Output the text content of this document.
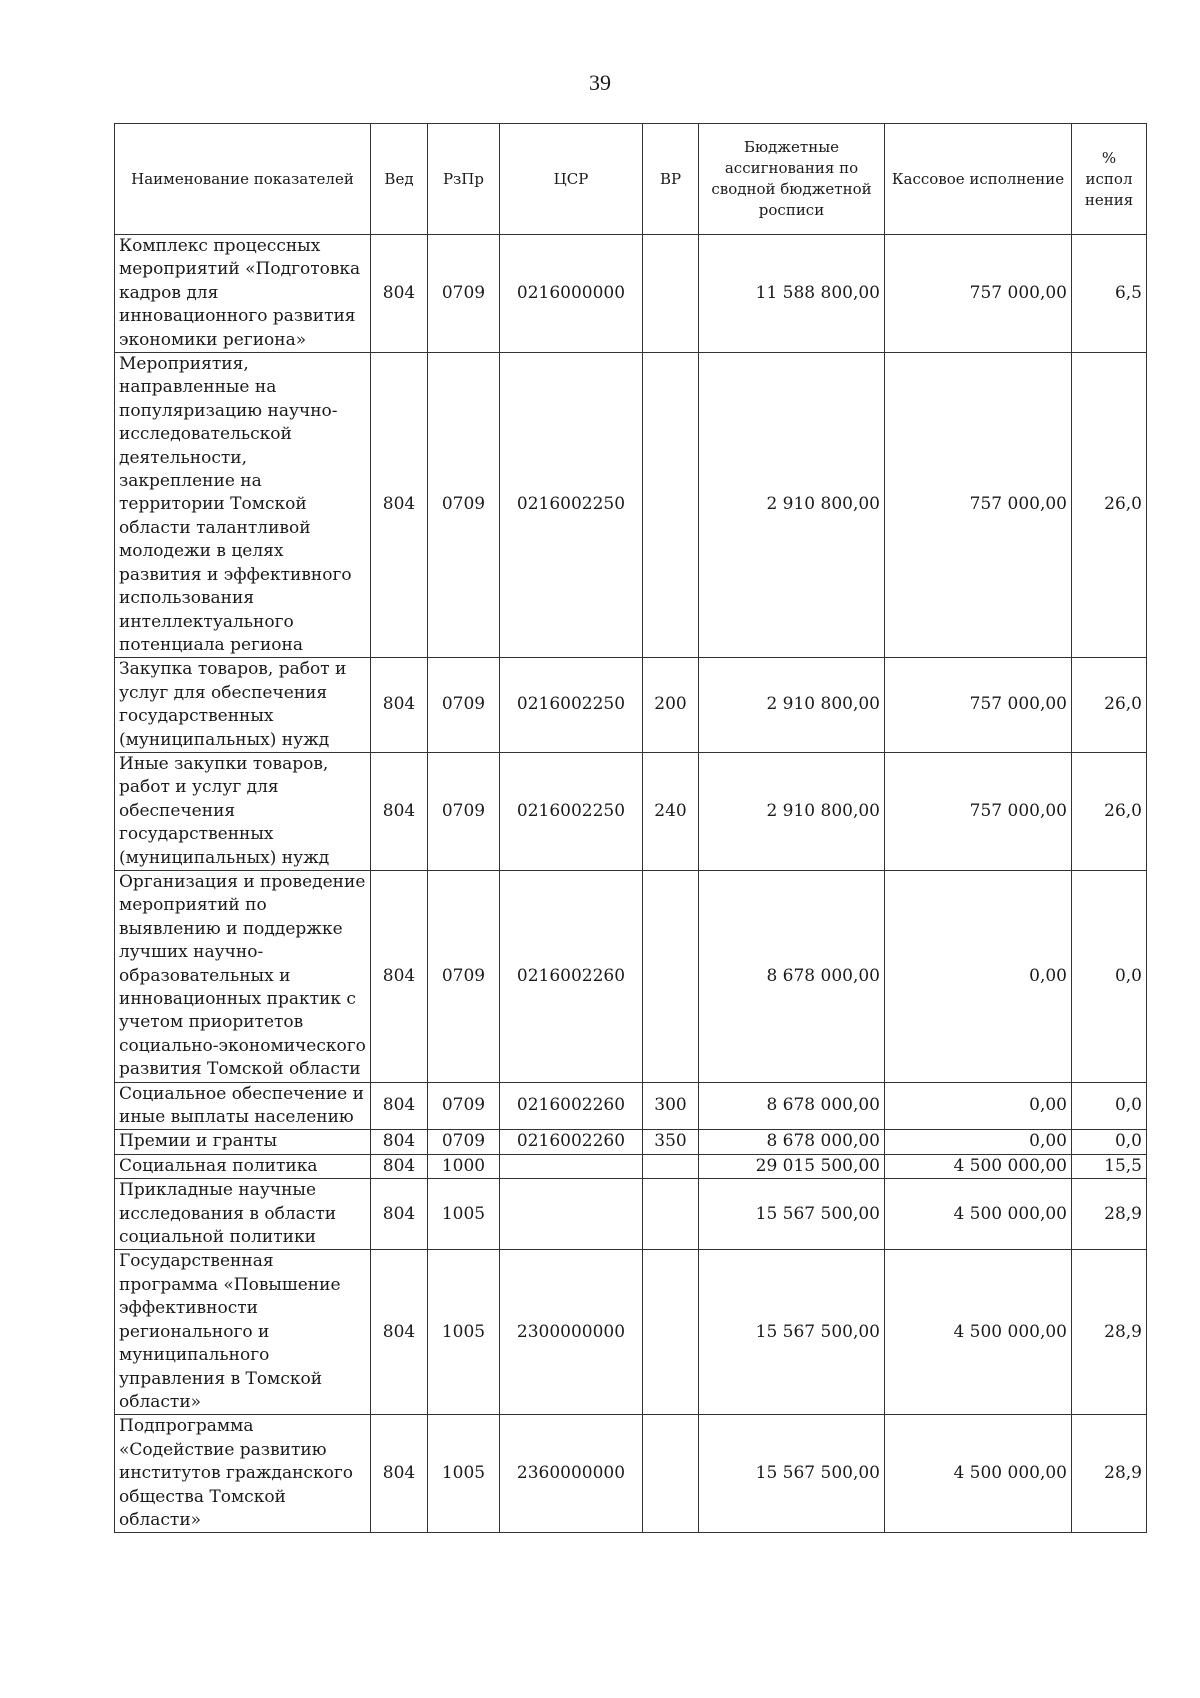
39
Наименование показателей	Вед	РзПр	ЦСР	ВР	Бюджетные ассигнования по сводной бюджетной росписи	Кассовое исполнение	% испол нения
Комплекс процессных мероприятий «Подготовка кадров для инновационного развития экономики региона»	804	0709	0216000000		11 588 800,00	757 000,00	6,5
Мероприятия, направленные на популяризацию научно-исследовательской деятельности, закрепление на территории Томской области талантливой молодежи в целях развития и эффективного использования интеллектуального потенциала региона	804	0709	0216002250		2 910 800,00	757 000,00	26,0
Закупка товаров, работ и услуг для обеспечения государственных (муниципальных) нужд	804	0709	0216002250	200	2 910 800,00	757 000,00	26,0
Иные закупки товаров, работ и услуг для обеспечения государственных (муниципальных) нужд	804	0709	0216002250	240	2 910 800,00	757 000,00	26,0
Организация и проведение мероприятий по выявлению и поддержке лучших научно-образовательных и инновационных практик с учетом приоритетов социально-экономического развития Томской области	804	0709	0216002260		8 678 000,00	0,00	0,0
Социальное обеспечение и иные выплаты населению	804	0709	0216002260	300	8 678 000,00	0,00	0,0
Премии и гранты	804	0709	0216002260	350	8 678 000,00	0,00	0,0
Социальная политика	804	1000			29 015 500,00	4 500 000,00	15,5
Прикладные научные исследования в области социальной политики	804	1005			15 567 500,00	4 500 000,00	28,9
Государственная программа «Повышение эффективности регионального и муниципального управления в Томской области»	804	1005	2300000000		15 567 500,00	4 500 000,00	28,9
Подпрограмма «Содействие развитию институтов гражданского общества Томской области»	804	1005	2360000000		15 567 500,00	4 500 000,00	28,9
